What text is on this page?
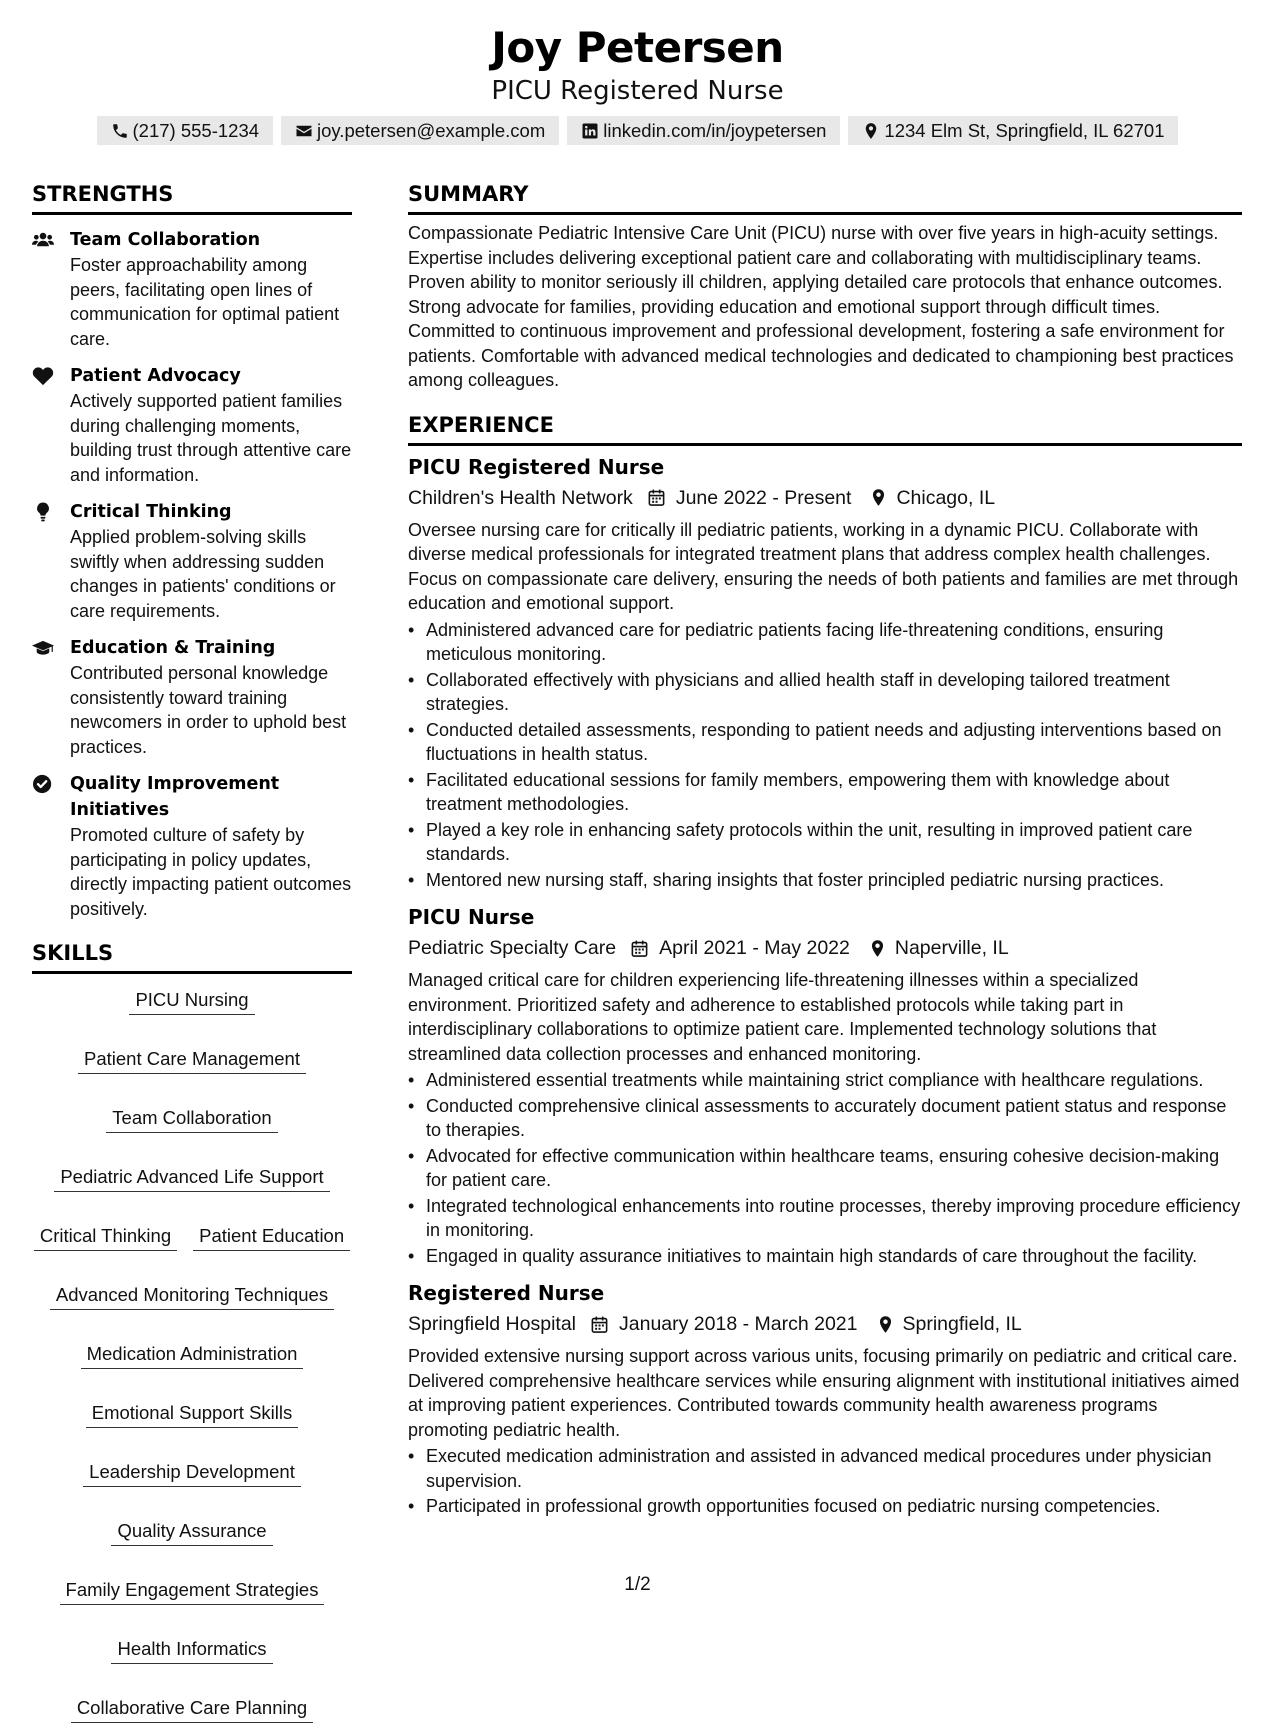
Joy Petersen
PICU Registered Nurse
(217) 555-1234	joy.petersen@example.com	linkedin.com/in/joypetersen	1234 Elm St, Springfield, IL 62701
STRENGTHS
Team Collaboration
Foster approachability among peers, facilitating open lines of communication for optimal patient care.
Patient Advocacy
Actively supported patient families during challenging moments, building trust through attentive care and information.
Critical Thinking
Applied problem-solving skills swiftly when addressing sudden changes in patients' conditions or care requirements.
Education & Training
Contributed personal knowledge consistently toward training newcomers in order to uphold best practices.
Quality Improvement Initiatives
Promoted culture of safety by participating in policy updates, directly impacting patient outcomes positively.
SKILLS
PICU Nursing
Patient Care Management
Team Collaboration
Pediatric Advanced Life Support
Critical Thinking	Patient Education
Advanced Monitoring Techniques
Medication Administration
Emotional Support Skills
Leadership Development
Quality Assurance
Family Engagement Strategies
Health Informatics
Collaborative Care Planning
SUMMARY
Compassionate Pediatric Intensive Care Unit (PICU) nurse with over five years in high-acuity settings. Expertise includes delivering exceptional patient care and collaborating with multidisciplinary teams. Proven ability to monitor seriously ill children, applying detailed care protocols that enhance outcomes. Strong advocate for families, providing education and emotional support through difficult times. Committed to continuous improvement and professional development, fostering a safe environment for patients. Comfortable with advanced medical technologies and dedicated to championing best practices among colleagues.
EXPERIENCE
PICU Registered Nurse
Children's Health Network June 2022 - Present Chicago, IL
Oversee nursing care for critically ill pediatric patients, working in a dynamic PICU. Collaborate with diverse medical professionals for integrated treatment plans that address complex health challenges. Focus on compassionate care delivery, ensuring the needs of both patients and families are met through education and emotional support.
• Administered advanced care for pediatric patients facing life-threatening conditions, ensuring meticulous monitoring.
• Collaborated effectively with physicians and allied health staff in developing tailored treatment strategies.
• Conducted detailed assessments, responding to patient needs and adjusting interventions based on fluctuations in health status.
• Facilitated educational sessions for family members, empowering them with knowledge about treatment methodologies.
• Played a key role in enhancing safety protocols within the unit, resulting in improved patient care standards.
• Mentored new nursing staff, sharing insights that foster principled pediatric nursing practices.
PICU Nurse
Pediatric Specialty Care April 2021 - May 2022 Naperville, IL
Managed critical care for children experiencing life-threatening illnesses within a specialized environment. Prioritized safety and adherence to established protocols while taking part in interdisciplinary collaborations to optimize patient care. Implemented technology solutions that streamlined data collection processes and enhanced monitoring.
• Administered essential treatments while maintaining strict compliance with healthcare regulations.
• Conducted comprehensive clinical assessments to accurately document patient status and response to therapies.
• Advocated for effective communication within healthcare teams, ensuring cohesive decision-making for patient care.
• Integrated technological enhancements into routine processes, thereby improving procedure efficiency in monitoring.
• Engaged in quality assurance initiatives to maintain high standards of care throughout the facility.
Registered Nurse
Springfield Hospital January 2018 - March 2021 Springfield, IL
Provided extensive nursing support across various units, focusing primarily on pediatric and critical care. Delivered comprehensive healthcare services while ensuring alignment with institutional initiatives aimed at improving patient experiences. Contributed towards community health awareness programs promoting pediatric health.
• Executed medication administration and assisted in advanced medical procedures under physician supervision.
• Participated in professional growth opportunities focused on pediatric nursing competencies.
1/2
